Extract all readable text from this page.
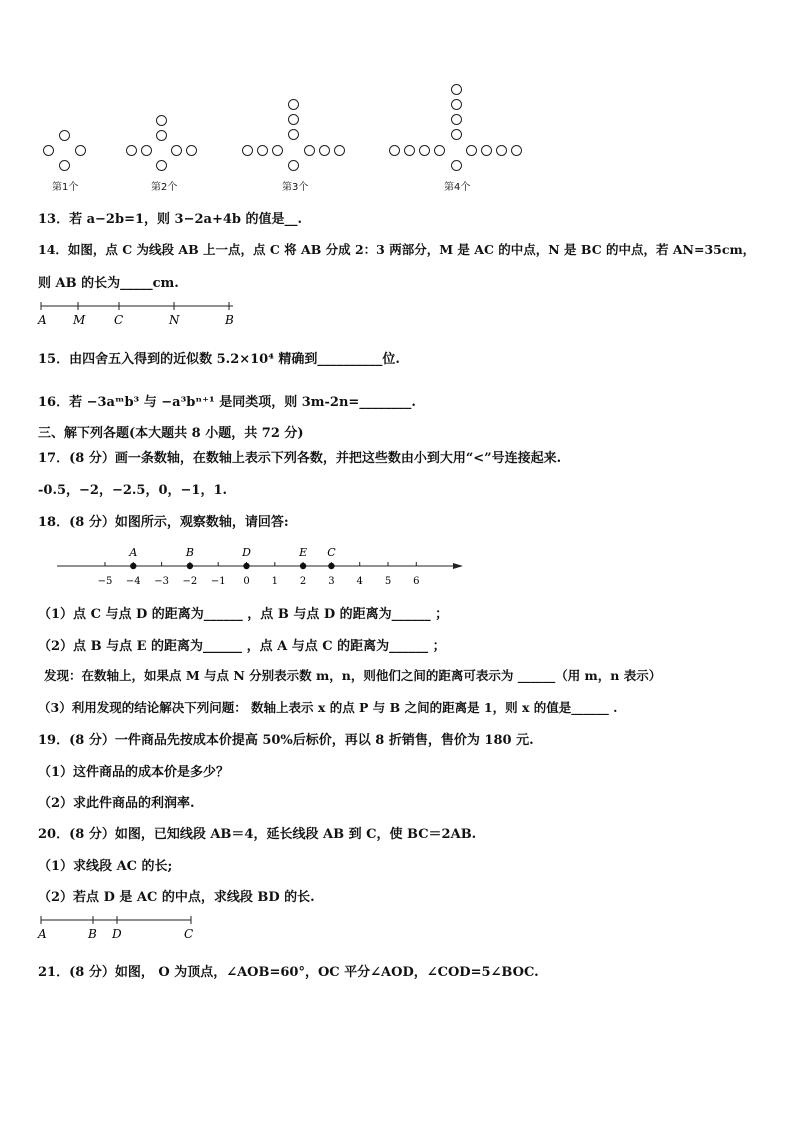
第1个	第2个	第3个	第4个
13．若 a−2b=1，则 3−2a+4b 的值是__.
14．如图，点 C 为线段 AB 上一点，点 C 将 AB 分成 2：3 两部分，M 是 AC 的中点，N 是 BC 的中点，若 AN=35cm，
则 AB 的长为_____cm.
A M C	N	B
15．由四舍五入得到的近似数 5.2×10⁴ 精确到__________位.
16．若 −3aᵐb³ 与 −a³bⁿ⁺¹ 是同类项，则 3m-2n=________.
三、解下列各题(本大题共 8 小题，共 72 分)
17．(8 分）画一条数轴，在数轴上表示下列各数，并把这些数由小到大用“<”号连接起来.
-0.5，−2，−2.5，0，−1，1.
18．(8 分）如图所示，观察数轴，请回答:
−5 −4 −3 −2 −1 0 1 2 3 4 5 6
A	B	D	E C
（1）点 C 与点 D 的距离为______ ，点 B 与点 D 的距离为______ ；
（2）点 B 与点 E 的距离为______ ，点 A 与点 C 的距离为______ ；
发现：在数轴上，如果点 M 与点 N 分别表示数 m，n，则他们之间的距离可表示为 ______（用 m，n 表示）
（3）利用发现的结论解决下列问题： 数轴上表示 x 的点 P 与 B 之间的距离是 1，则 x 的值是______ .
19．(8 分）一件商品先按成本价提高 50%后标价，再以 8 折销售，售价为 180 元.
（1）这件商品的成本价是多少？
（2）求此件商品的利润率.
20．(8 分）如图，已知线段 AB＝4，延长线段 AB 到 C，使 BC＝2AB.
（1）求线段 AC 的长;
（2）若点 D 是 AC 的中点，求线段 BD 的长.
A	B D	C
21．(8 分）如图， O 为顶点，∠AOB=60°，OC 平分∠AOD，∠COD=5∠BOC.
